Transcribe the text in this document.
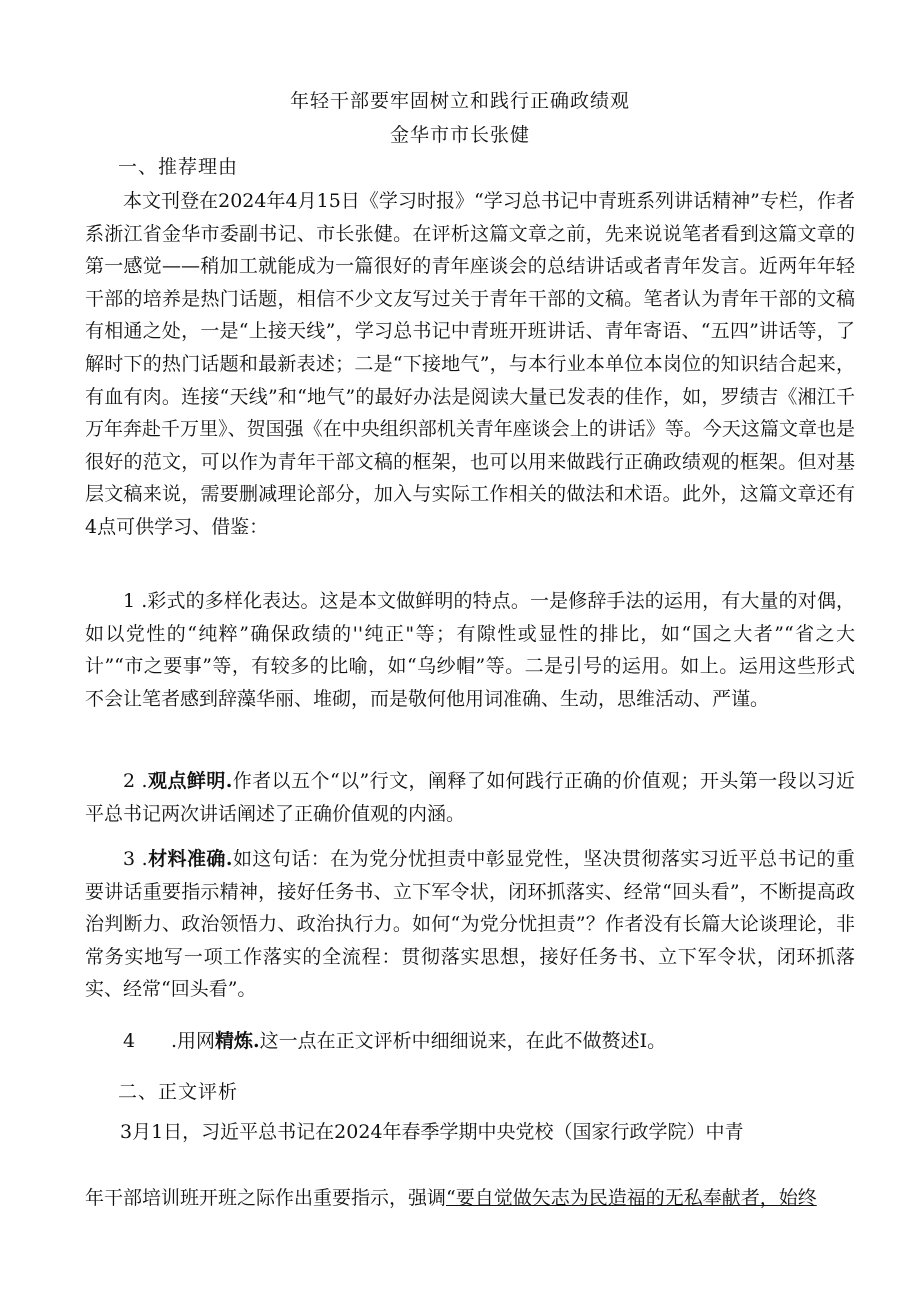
年轻干部要牢固树立和践行正确政绩观
金华市市长张健
一、推荐理由

本文刊登在2024年4月15日《学习时报》“学习总书记中青班系列讲话精神”专栏，作者系浙江省金华市委副书记、市长张健。在评析这篇文章之前，先来说说笔者看到这篇文章的第一感觉——稍加工就能成为一篇很好的青年座谈会的总结讲话或者青年发言。近两年年轻干部的培养是热门话题，相信不少文友写过关于青年干部的文稿。笔者认为青年干部的文稿有相通之处，一是“上接天线”，学习总书记中青班开班讲话、青年寄语、“五四”讲话等，了解时下的热门话题和最新表述；二是“下接地气”，与本行业本单位本岗位的知识结合起来，有血有肉。连接“天线”和“地气”的最好办法是阅读大量已发表的佳作，如，罗绩吉《湘江千万年奔赴千万里》、贺国强《在中央组织部机关青年座谈会上的讲话》等。今天这篇文章也是很好的范文，可以作为青年干部文稿的框架，也可以用来做践行正确政绩观的框架。但对基层文稿来说，需要删减理论部分，加入与实际工作相关的做法和术语。此外，这篇文章还有4点可供学习、借鉴：

1 .彩式的多样化表达。这是本文做鲜明的特点。一是修辞手法的运用，有大量的对偶，如以党性的“纯粹”确保政绩的''纯正"等；有隙性或显性的排比，如“国之大者”“省之大计”“市之要事”等，有较多的比喻，如“乌纱帽”等。二是引号的运用。如上。运用这些形式不会让笔者感到辞藻华丽、堆砌，而是敬何他用词准确、生动，思维活动、严谨。

2 .观点鲜明.作者以五个“以”行文，阐释了如何践行正确的价值观；开头第一段以习近平总书记两次讲话阐述了正确价值观的内涵。

3 .材料准确.如这句话：在为党分忧担责中彰显党性，坚决贯彻落实习近平总书记的重要讲话重要指示精神，接好任务书、立下军令状，闭环抓落实、经常“回头看”，不断提高政治判断力、政治领悟力、政治执行力。如何“为党分忧担责”？作者没有长篇大论谈理论，非常务实地写一项工作落实的全流程：贯彻落实思想，接好任务书、立下军令状，闭环抓落实、经常“回头看”。

4 .用网精炼.这一点在正文评析中细细说来，在此不做赘述I。
二、正文评析
3月1日，习近平总书记在2024年春季学期中央党校（国家行政学院）中青
年干部培训班开班之际作出重要指示，强调“要自觉做矢志为民造福的无私奉献者，始终
